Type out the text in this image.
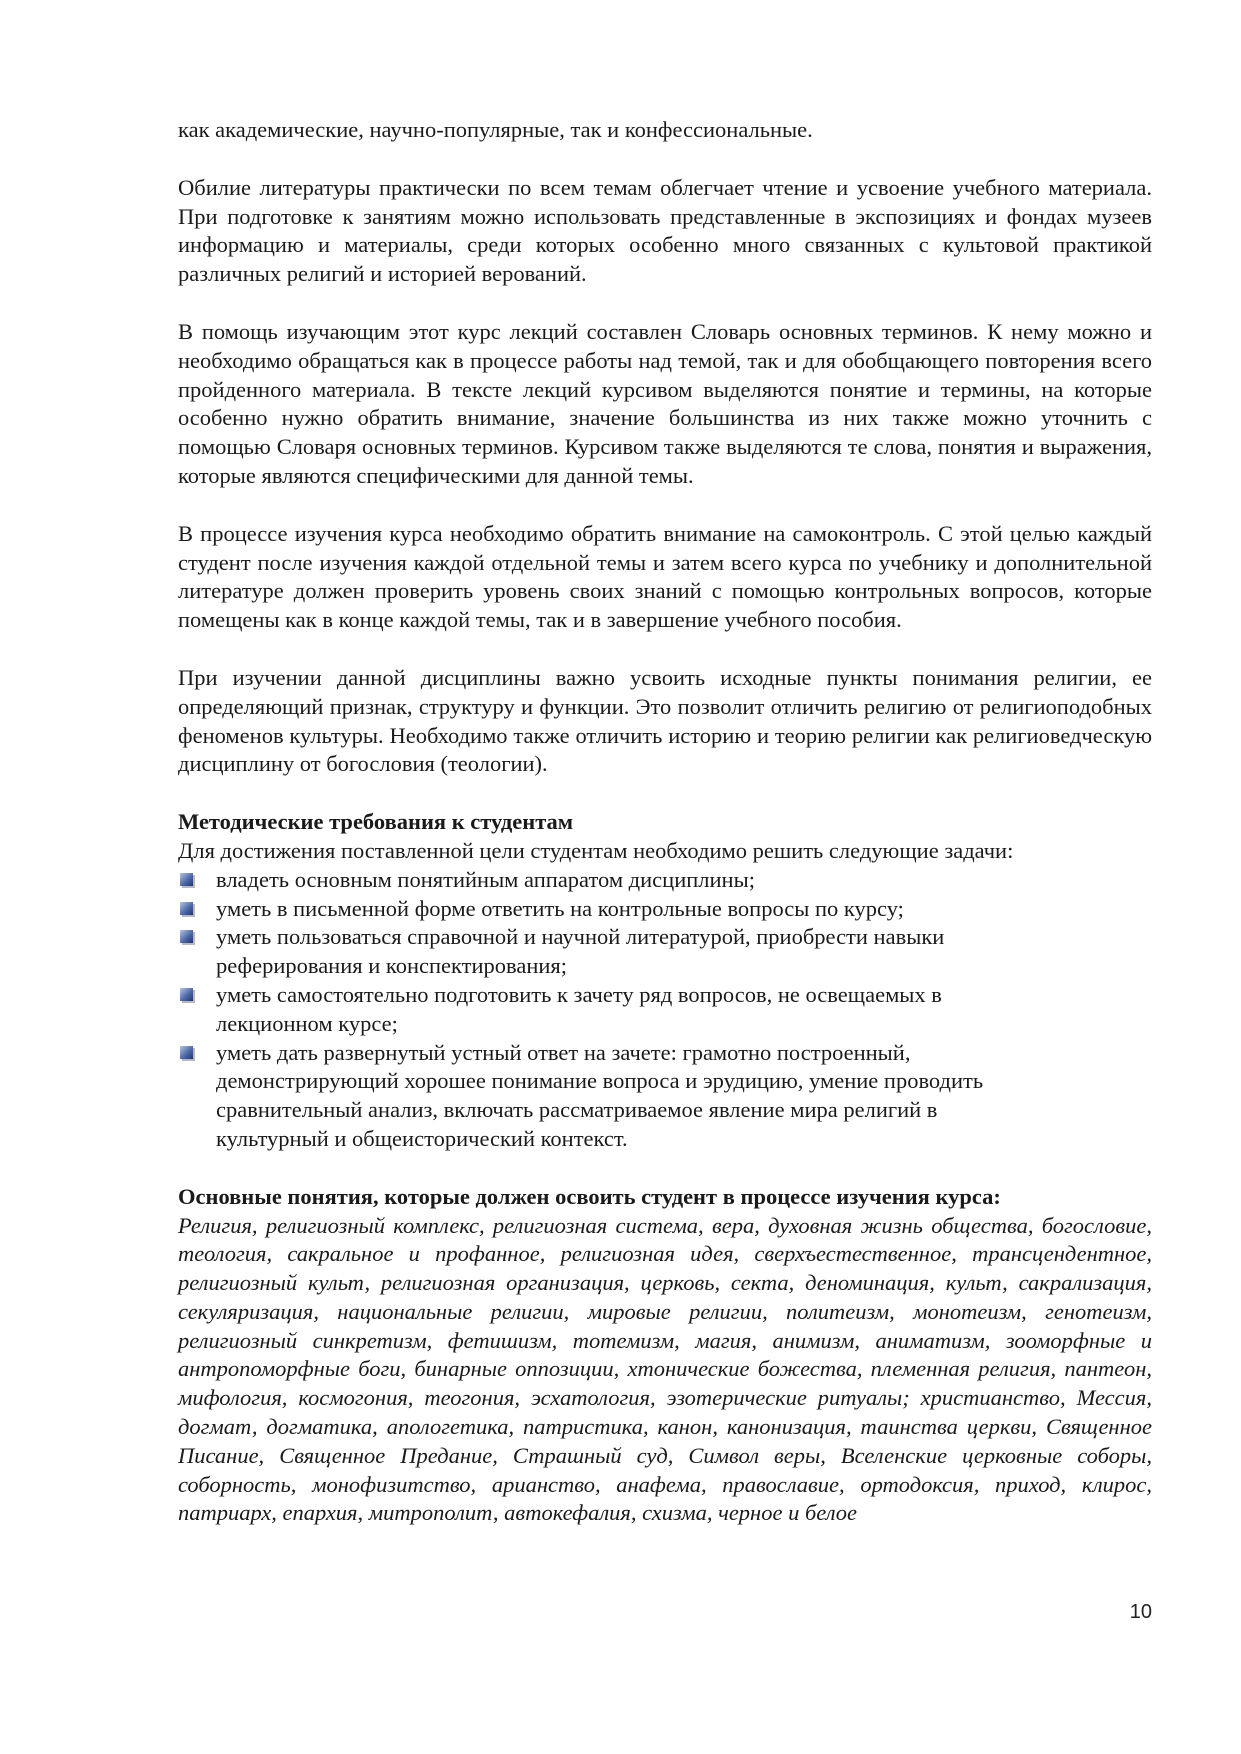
как академические, научно-популярные, так и конфессиональные.

Обилие литературы практически по всем темам облегчает чтение и усвоение учебного материала. При подготовке к занятиям можно использовать представленные в экспозициях и фондах музеев информацию и материалы, среди которых особенно много связанных с культовой практикой различных религий и историей верований.

В помощь изучающим этот курс лекций составлен Словарь основных терминов. К нему можно и необходимо обращаться как в процессе работы над темой, так и для обобщающего повторения всего пройденного материала. В тексте лекций курсивом выделяются понятие и термины, на которые особенно нужно обратить внимание, значение большинства из них также можно уточнить с помощью Словаря основных терминов. Курсивом также выделяются те слова, понятия и выражения, которые являются специфическими для данной темы.

В процессе изучения курса необходимо обратить внимание на самоконтроль. С этой целью каждый студент после изучения каждой отдельной темы и затем всего курса по учебнику и дополнительной литературе должен проверить уровень своих знаний с помощью контрольных вопросов, которые помещены как в конце каждой темы, так и в завершение учебного пособия.

При изучении данной дисциплины важно усвоить исходные пункты понимания религии, ее определяющий признак, структуру и функции. Это позволит отличить религию от религиоподобных феноменов культуры. Необходимо также отличить историю и теорию религии как религиоведческую дисциплину от богословия (теологии).

Методические требования к студентам

Для достижения поставленной цели студентам необходимо решить следующие задачи:

владеть основным понятийным аппаратом дисциплины;
уметь в письменной форме ответить на контрольные вопросы по курсу;
уметь пользоваться справочной и научной литературой, приобрести навыки реферирования и конспектирования;
уметь самостоятельно подготовить к зачету ряд вопросов, не освещаемых в лекционном курсе;
уметь дать развернутый устный ответ на зачете: грамотно построенный, демонстрирующий хорошее понимание вопроса и эрудицию, умение проводить сравнительный анализ, включать рассматриваемое явление мира религий в культурный и общеисторический контекст.

Основные понятия, которые должен освоить студент в процессе изучения курса:

Религия, религиозный комплекс, религиозная система, вера, духовная жизнь общества, богословие, теология, сакральное и профанное, религиозная идея, сверхъестественное, трансцендентное, религиозный культ, религиозная организация, церковь, секта, деноминация, культ, сакрализация, секуляризация, национальные религии, мировые религии, политеизм, монотеизм, генотеизм, религиозный синкретизм, фетишизм, тотемизм, магия, анимизм, аниматизм, зооморфные и антропоморфные боги, бинарные оппозиции, хтонические божества, племенная религия, пантеон, мифология, космогония, теогония, эсхатология, эзотерические ритуалы; христианство, Мессия, догмат, догматика, апологетика, патристика, канон, канонизация, таинства церкви, Священное Писание, Священное Предание, Страшный суд, Символ веры, Вселенские церковные соборы, соборность, монофизитство, арианство, анафема, православие, ортодоксия, приход, клирос, патриарх, епархия, митрополит, автокефалия, схизма, черное и белое

10
